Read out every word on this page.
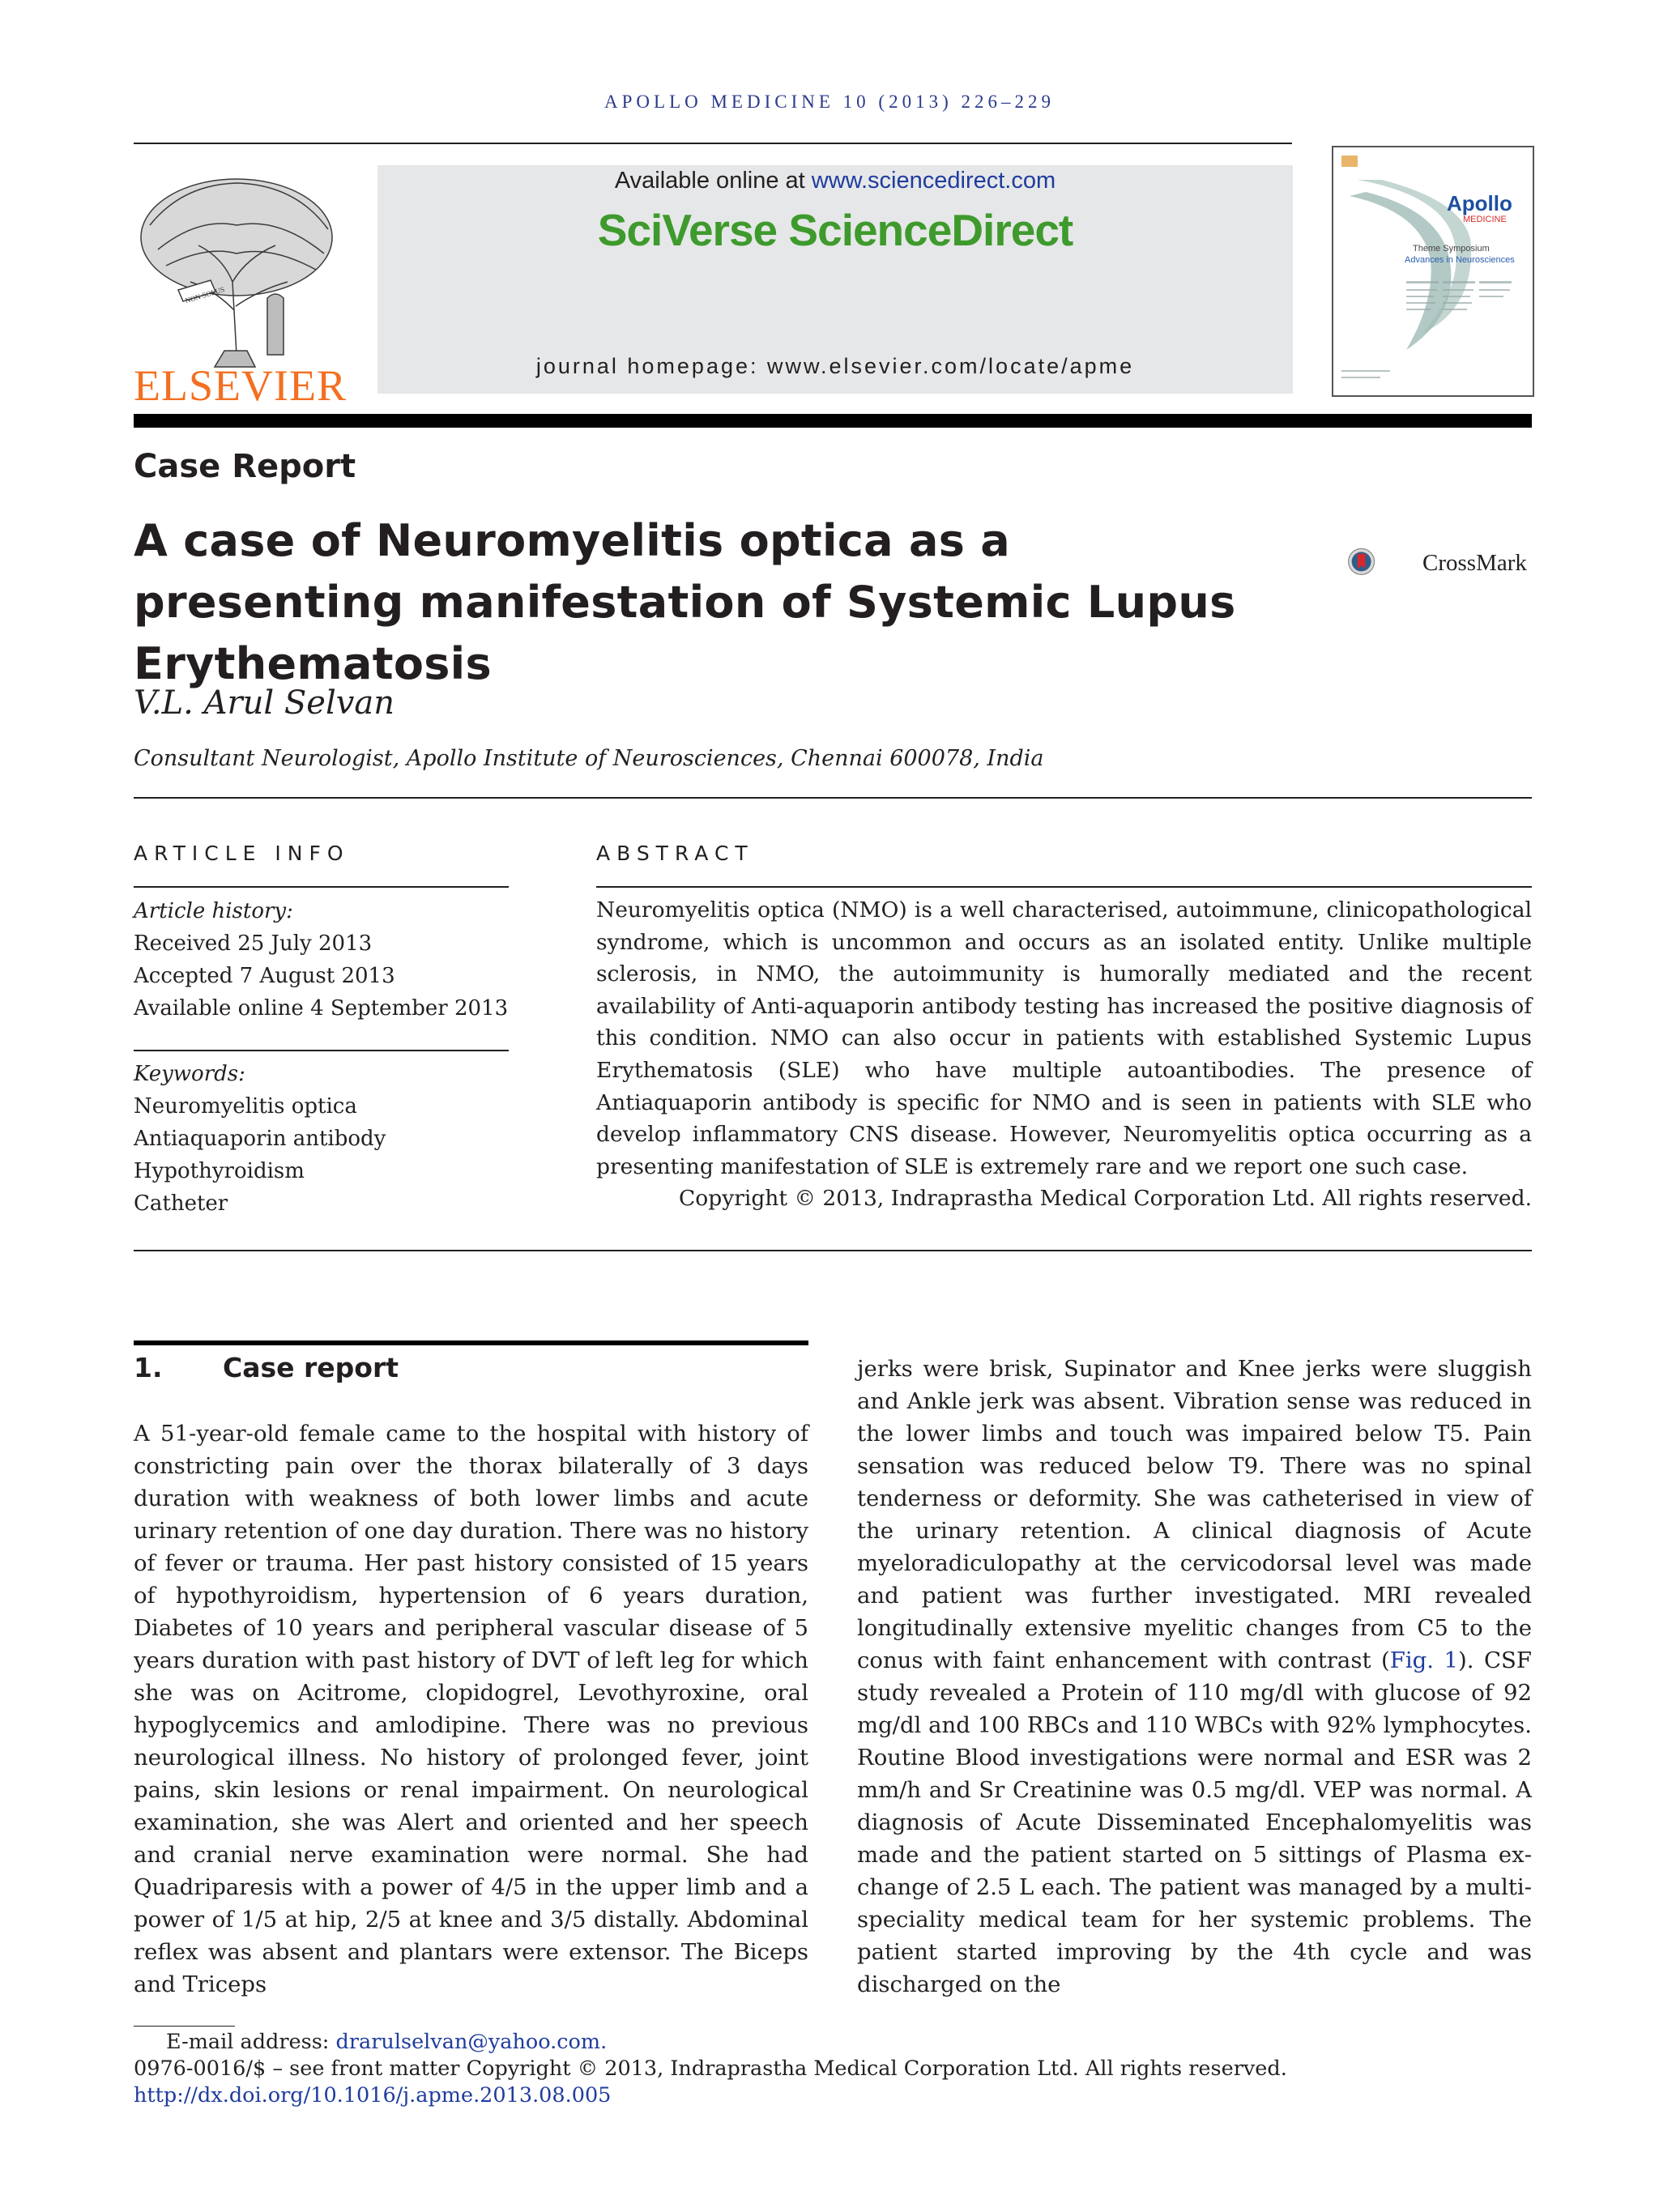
APOLLO MEDICINE 10 (2013) 226–229
NON SOLUS
ELSEVIER
Available online at www.sciencedirect.com
SciVerse ScienceDirect
journal homepage: www.elsevier.com/locate/apme
Apollo
MEDICINE
Theme Symposium
Advances in Neurosciences
Case Report
A case of Neuromyelitis optica as a presenting manifestation of Systemic Lupus Erythematosis
CrossMark
V.L. Arul Selvan
Consultant Neurologist, Apollo Institute of Neurosciences, Chennai 600078, India
ARTICLE INFO	ABSTRACT
Article history:
Received 25 July 2013
Accepted 7 August 2013
Available online 4 September 2013
Keywords:
Neuromyelitis optica
Antiaquaporin antibody
Hypothyroidism
Catheter
Neuromyelitis optica (NMO) is a well characterised, autoimmune, clinicopathological syndrome, which is uncommon and occurs as an isolated entity. Unlike multiple sclerosis, in NMO, the autoimmunity is humorally mediated and the recent availability of Anti-aquaporin antibody testing has increased the positive diagnosis of this condition. NMO can also occur in patients with established Systemic Lupus Erythematosis (SLE) who have multiple autoantibodies. The presence of Antiaquaporin antibody is specific for NMO and is seen in patients with SLE who develop inflammatory CNS disease. However, Neuromyelitis optica occurring as a presenting manifestation of SLE is extremely rare and we report one such case.
Copyright © 2013, Indraprastha Medical Corporation Ltd. All rights reserved.
1. Case report
A 51-year-old female came to the hospital with history of constricting pain over the thorax bilaterally of 3 days duration with weakness of both lower limbs and acute urinary retention of one day duration. There was no history of fever or trauma. Her past history consisted of 15 years of hypothyroidism, hypertension of 6 years duration, Diabetes of 10 years and peripheral vascular disease of 5 years duration with past history of DVT of left leg for which she was on Acitrome, clopidogrel, Levothyroxine, oral hypoglycemics and amlodipine. There was no previous neurological illness. No history of prolonged fever, joint pains, skin lesions or renal impairment. On neurological examination, she was Alert and oriented and her speech and cranial nerve examination were normal. She had Quadriparesis with a power of 4/5 in the upper limb and a power of 1/5 at hip, 2/5 at knee and 3/5 distally. Abdominal reflex was absent and plantars were extensor. The Biceps and Triceps
jerks were brisk, Supinator and Knee jerks were sluggish and Ankle jerk was absent. Vibration sense was reduced in the lower limbs and touch was impaired below T5. Pain sensation was reduced below T9. There was no spinal tenderness or deformity. She was catheterised in view of the urinary retention. A clinical diagnosis of Acute myeloradiculopathy at the cervicodorsal level was made and patient was further investigated. MRI revealed longitudinally extensive myelitic changes from C5 to the conus with faint enhancement with contrast (Fig. 1). CSF study revealed a Protein of 110 mg/dl with glucose of 92 mg/dl and 100 RBCs and 110 WBCs with 92% lymphocytes. Routine Blood investigations were normal and ESR was 2 mm/h and Sr Creatinine was 0.5 mg/dl. VEP was normal. A diagnosis of Acute Disseminated Encephalomyelitis was made and the patient started on 5 sittings of Plasma exchange of 2.5 L each. The patient was managed by a multispeciality medical team for her systemic problems. The patient started improving by the 4th cycle and was discharged on the
E-mail address: drarulselvan@yahoo.com.
0976-0016/$ – see front matter Copyright © 2013, Indraprastha Medical Corporation Ltd. All rights reserved.
http://dx.doi.org/10.1016/j.apme.2013.08.005
